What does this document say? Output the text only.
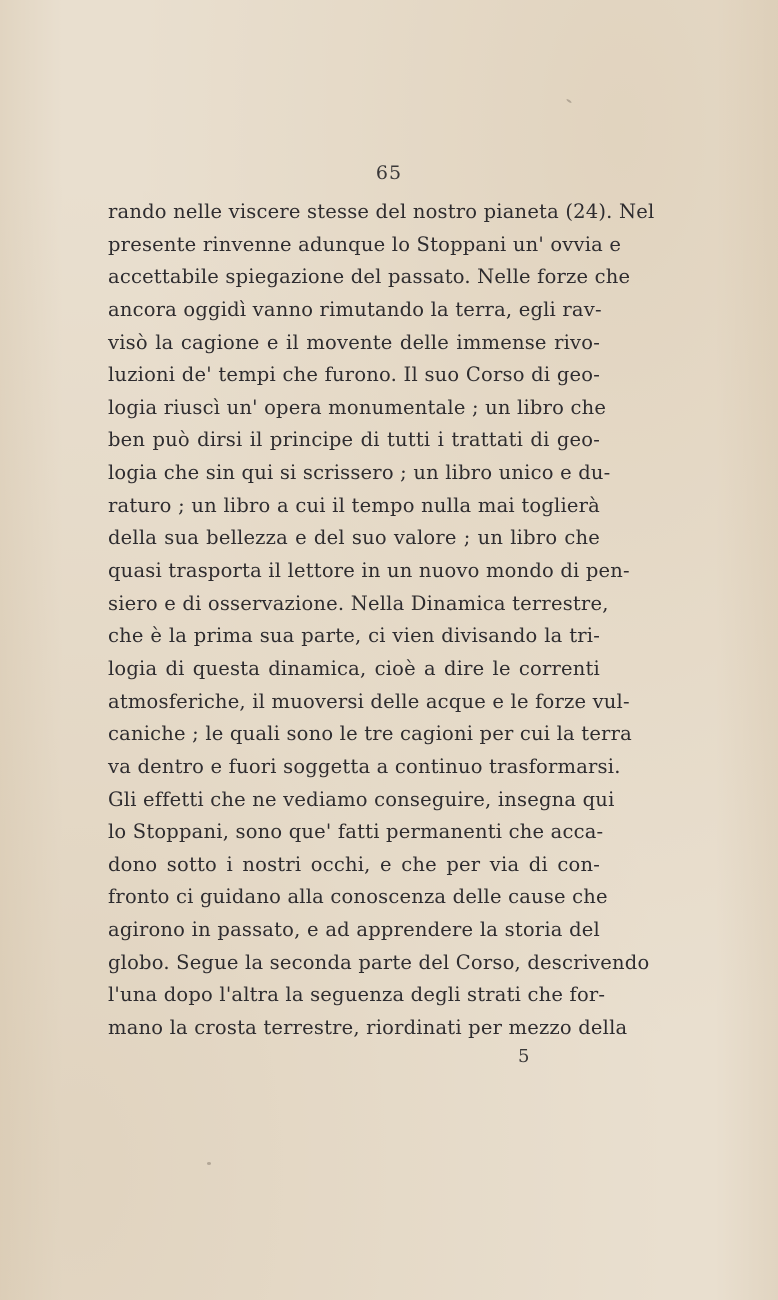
65
rando nelle viscere stesse del nostro pianeta (24). Nel
presente rinvenne adunque lo Stoppani un' ovvia e
accettabile spiegazione del passato. Nelle forze che
ancora oggidì vanno rimutando la terra, egli rav-
visò la cagione e il movente delle immense rivo-
luzioni de' tempi che furono. Il suo Corso di geo-
logia riuscì un' opera monumentale ; un libro che
ben può dirsi il principe di tutti i trattati di geo-
logia che sin qui si scrissero ; un libro unico e du-
raturo ; un libro a cui il tempo nulla mai toglierà
della sua bellezza e del suo valore ; un libro che
quasi trasporta il lettore in un nuovo mondo di pen-
siero e di osservazione. Nella Dinamica terrestre,
che è la prima sua parte, ci vien divisando la tri-
logia di questa dinamica, cioè a dire le correnti
atmosferiche, il muoversi delle acque e le forze vul-
caniche ; le quali sono le tre cagioni per cui la terra
va dentro e fuori soggetta a continuo trasformarsi.
Gli effetti che ne vediamo conseguire, insegna qui
lo Stoppani, sono que' fatti permanenti che acca-
dono sotto i nostri occhi, e che per via di con-
fronto ci guidano alla conoscenza delle cause che
agirono in passato, e ad apprendere la storia del
globo. Segue la seconda parte del Corso, descrivendo
l'una dopo l'altra la seguenza degli strati che for-
mano la crosta terrestre, riordinati per mezzo della
5
